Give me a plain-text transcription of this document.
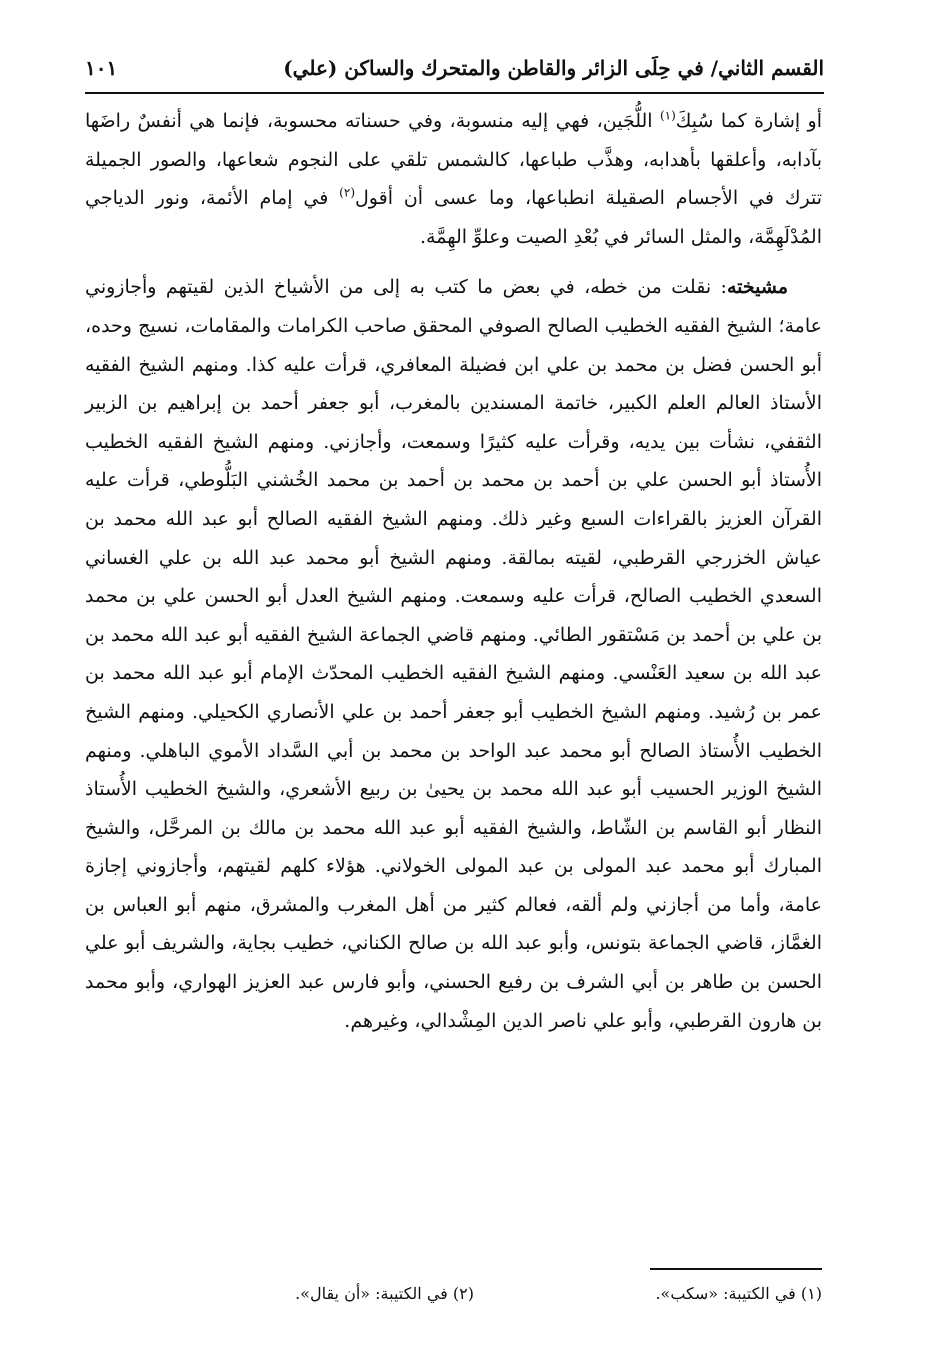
القسم الثاني/ في حِلَى الزائر والقاطن والمتحرك والساكن (علي)
١٠١

أو إشارة كما سُبِكَ$^{(١)}$ اللُّجَين، فهي إليه منسوبة، وفي حسناته محسوبة، فإنما هي أنفسٌ راضَها بآدابه، وأعلقها بأهدابه، وهذَّب طباعها، كالشمس تلقي على النجوم شعاعها، والصور الجميلة تترك في الأجسام الصقيلة انطباعها، وما عسى أن أقول$^{(٢)}$ في إمام الأئمة، ونور الدياجي المُدْلَهِمَّة، والمثل السائر في بُعْدِ الصيت وعلوِّ الهِمَّة.

مشيخته: نقلت من خطه، في بعض ما كتب به إلى من الأشياخ الذين لقيتهم وأجازوني عامة؛ الشيخ الفقيه الخطيب الصالح الصوفي المحقق صاحب الكرامات والمقامات، نسيج وحده، أبو الحسن فضل بن محمد بن علي ابن فضيلة المعافري، قرأت عليه كذا. ومنهم الشيخ الفقيه الأستاذ العالم العلم الكبير، خاتمة المسندين بالمغرب، أبو جعفر أحمد بن إبراهيم بن الزبير الثقفي، نشأت بين يديه، وقرأت عليه كثيرًا وسمعت، وأجازني. ومنهم الشيخ الفقيه الخطيب الأُستاذ أبو الحسن علي بن أحمد بن محمد بن أحمد بن محمد الخُشني البَلُّوطي، قرأت عليه القرآن العزيز بالقراءات السبع وغير ذلك. ومنهم الشيخ الفقيه الصالح أبو عبد الله محمد بن عياش الخزرجي القرطبي، لقيته بمالقة. ومنهم الشيخ أبو محمد عبد الله بن علي الغساني السعدي الخطيب الصالح، قرأت عليه وسمعت. ومنهم الشيخ العدل أبو الحسن علي بن محمد بن علي بن أحمد بن مَسْتقور الطائي. ومنهم قاضي الجماعة الشيخ الفقيه أبو عبد الله محمد بن عبد الله بن سعيد العَنْسي. ومنهم الشيخ الفقيه الخطيب المحدّث الإمام أبو عبد الله محمد بن عمر بن رُشيد. ومنهم الشيخ الخطيب أبو جعفر أحمد بن علي الأنصاري الكحيلي. ومنهم الشيخ الخطيب الأُستاذ الصالح أبو محمد عبد الواحد بن محمد بن أبي السَّداد الأموي الباهلي. ومنهم الشيخ الوزير الحسيب أبو عبد الله محمد بن يحيىٰ بن ربيع الأشعري، والشيخ الخطيب الأُستاذ النظار أبو القاسم بن الشّاط، والشيخ الفقيه أبو عبد الله محمد بن مالك بن المرحَّل، والشيخ المبارك أبو محمد عبد المولى بن عبد المولى الخولاني. هؤلاء كلهم لقيتهم، وأجازوني إجازة عامة، وأما من أجازني ولم ألقه، فعالم كثير من أهل المغرب والمشرق، منهم أبو العباس بن الغمَّاز، قاضي الجماعة بتونس، وأبو عبد الله بن صالح الكناني، خطيب بجاية، والشريف أبو علي الحسن بن طاهر بن أبي الشرف بن رفيع الحسني، وأبو فارس عبد العزيز الهواري، وأبو محمد بن هارون القرطبي، وأبو علي ناصر الدين المِشْدالي، وغيرهم.

(١) في الكتيبة: «سكب».
(٢) في الكتيبة: «أن يقال».
